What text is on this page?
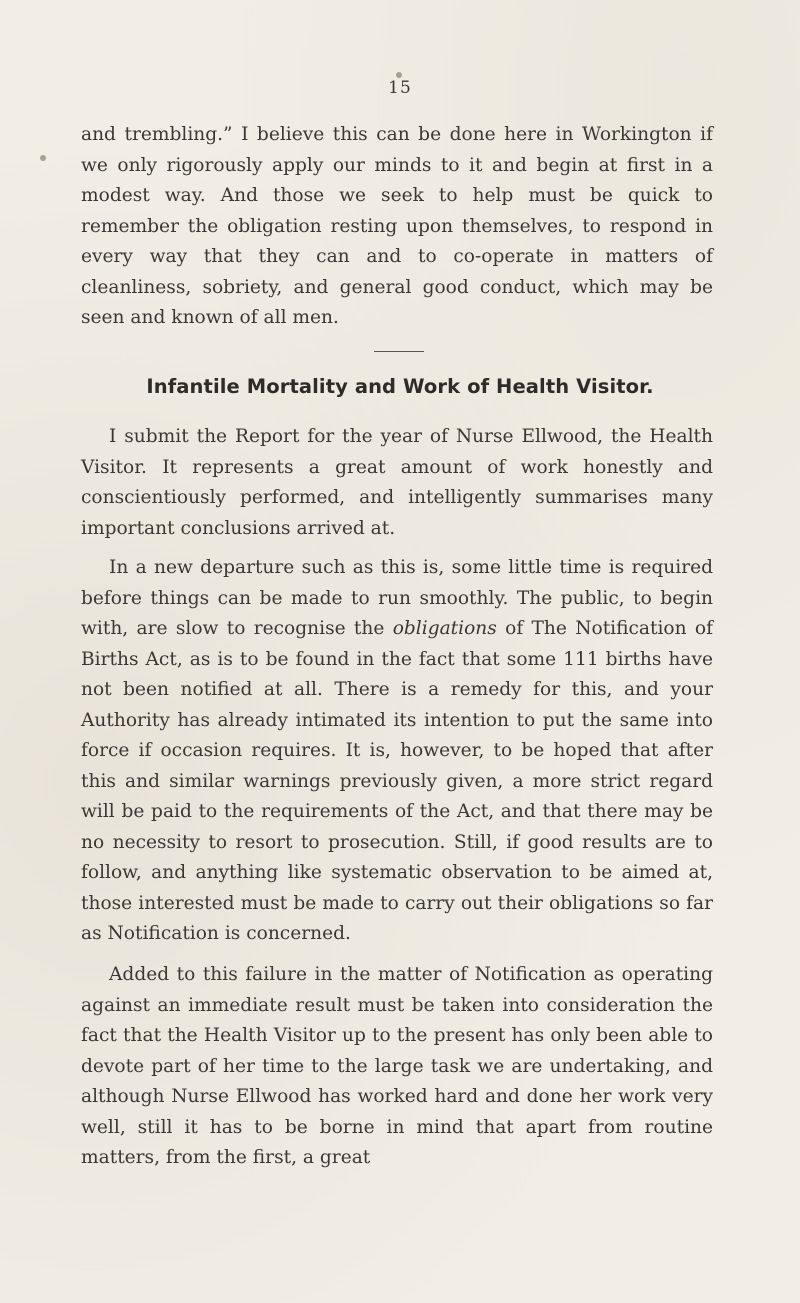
15

and trembling.” I believe this can be done here in Workington if we only rigorously apply our minds to it and begin at first in a modest way. And those we seek to help must be quick to remember the obligation resting upon themselves, to respond in every way that they can and to co-operate in matters of cleanliness, sobriety, and general good conduct, which may be seen and known of all men.

Infantile Mortality and Work of Health Visitor.

I submit the Report for the year of Nurse Ellwood, the Health Visitor. It represents a great amount of work honestly and conscientiously performed, and intelligently summarises many important conclusions arrived at.

In a new departure such as this is, some little time is required before things can be made to run smoothly. The public, to begin with, are slow to recognise the obligations of The Notification of Births Act, as is to be found in the fact that some 111 births have not been notified at all. There is a remedy for this, and your Authority has already intimated its intention to put the same into force if occasion requires. It is, however, to be hoped that after this and similar warnings previously given, a more strict regard will be paid to the requirements of the Act, and that there may be no necessity to resort to prosecution. Still, if good results are to follow, and anything like systematic observation to be aimed at, those interested must be made to carry out their obligations so far as Notification is concerned.

Added to this failure in the matter of Notification as operating against an immediate result must be taken into consideration the fact that the Health Visitor up to the present has only been able to devote part of her time to the large task we are undertaking, and although Nurse Ellwood has worked hard and done her work very well, still it has to be borne in mind that apart from routine matters, from the first, a great
